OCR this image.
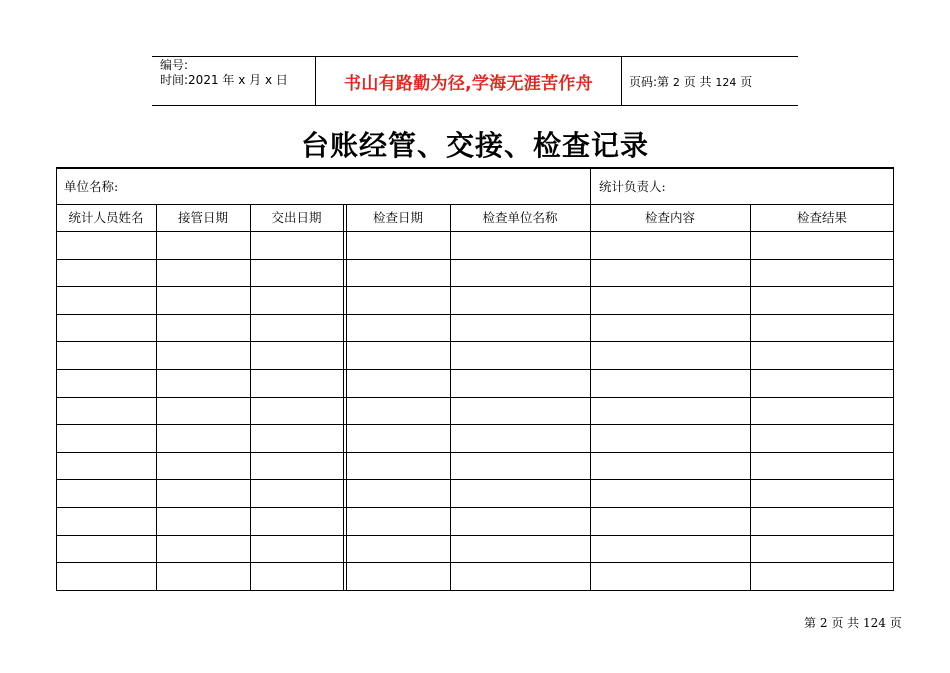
编号:
时间:2021 年 x 月 x 日	书山有路勤为径,学海无涯苦作舟	页码:第 2 页 共 124 页
台账经管、交接、检查记录
单位名称:	统计负责人:
统计人员姓名	接管日期	交出日期	检查日期	检查单位名称	检查内容	检查结果
第 2 页 共 124 页
